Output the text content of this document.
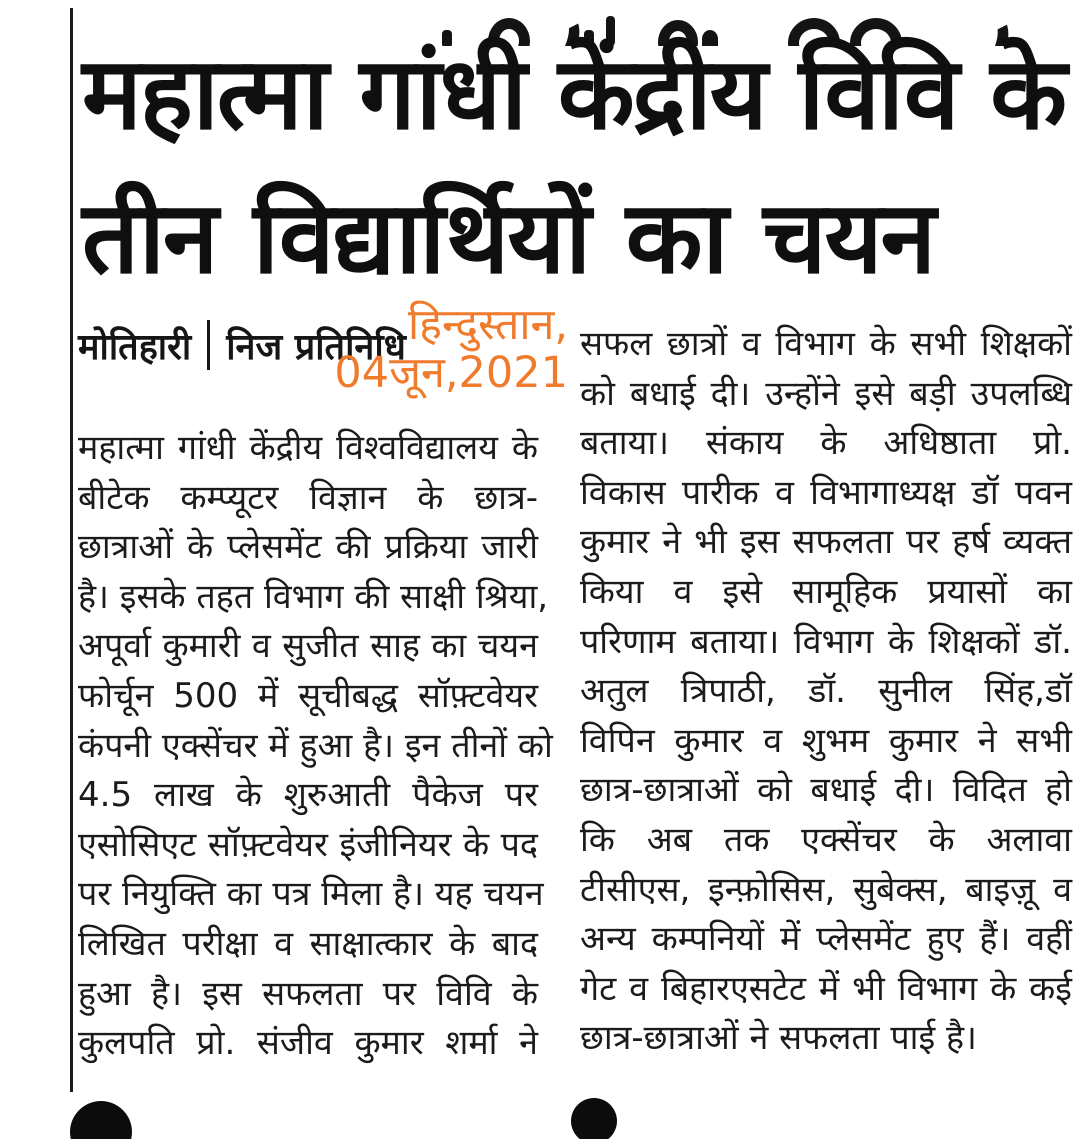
महात्मा गांधी केंद्रीय विवि के
तीन विद्यार्थियों का चयन
मोतिहारी निज प्रतिनिधि हिन्दुस्तान,
04जून,2021
महात्मा गांधी केंद्रीय विश्वविद्यालय के
बीटेक कम्प्यूटर विज्ञान के छात्र-
छात्राओं के प्लेसमेंट की प्रक्रिया जारी
है। इसके तहत विभाग की साक्षी श्रिया,
अपूर्वा कुमारी व सुजीत साह का चयन
फोर्चून 500 में सूचीबद्ध सॉफ़्टवेयर
कंपनी एक्सेंचर में हुआ है। इन तीनों को
4.5 लाख के शुरुआती पैकेज पर
एसोसिएट सॉफ़्टवेयर इंजीनियर के पद
पर नियुक्ति का पत्र मिला है। यह चयन
लिखित परीक्षा व साक्षात्कार के बाद
हुआ है। इस सफलता पर विवि के
कुलपति प्रो. संजीव कुमार शर्मा ने
सफल छात्रों व विभाग के सभी शिक्षकों
को बधाई दी। उन्होंने इसे बड़ी उपलब्धि
बताया। संकाय के अधिष्ठाता प्रो.
विकास पारीक व विभागाध्यक्ष डॉ पवन
कुमार ने भी इस सफलता पर हर्ष व्यक्त
किया व इसे सामूहिक प्रयासों का
परिणाम बताया। विभाग के शिक्षकों डॉ.
अतुल त्रिपाठी, डॉ. सुनील सिंह,डॉ
विपिन कुमार व शुभम कुमार ने सभी
छात्र-छात्राओं को बधाई दी। विदित हो
कि अब तक एक्सेंचर के अलावा
टीसीएस, इन्फ़ोसिस, सुबेक्स, बाइज़ू व
अन्य कम्पनियों में प्लेसमेंट हुए हैं। वहीं
गेट व बिहारएसटेट में भी विभाग के कई
छात्र-छात्राओं ने सफलता पाई है।
